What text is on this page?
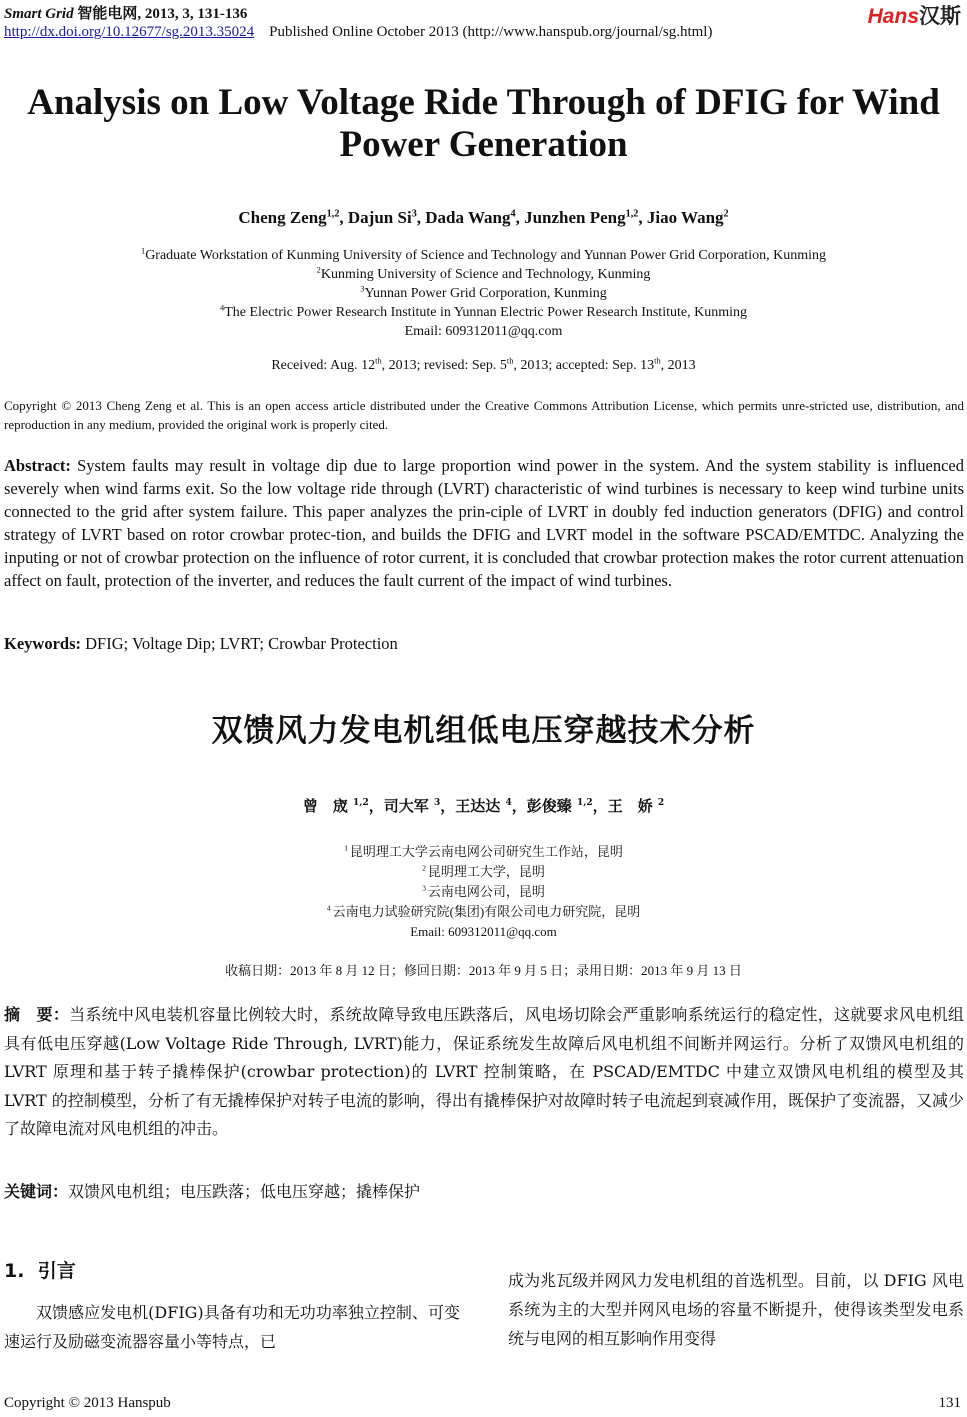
Smart Grid 智能电网, 2013, 3, 131-136
http://dx.doi.org/10.12677/sg.2013.35024 Published Online October 2013 (http://www.hanspub.org/journal/sg.html)
Hans汉斯
Analysis on Low Voltage Ride Through of DFIG for Wind Power Generation
Cheng Zeng$^{1,2}$, Dajun Si$^3$, Dada Wang$^4$, Junzhen Peng$^{1,2}$, Jiao Wang$^2$
$^1$Graduate Workstation of Kunming University of Science and Technology and Yunnan Power Grid Corporation, Kunming
$^2$Kunming University of Science and Technology, Kunming
$^3$Yunnan Power Grid Corporation, Kunming
$^4$The Electric Power Research Institute in Yunnan Electric Power Research Institute, Kunming
Email: 609312011@qq.com
Received: Aug. 12th, 2013; revised: Sep. 5th, 2013; accepted: Sep. 13th, 2013
Copyright © 2013 Cheng Zeng et al. This is an open access article distributed under the Creative Commons Attribution License, which permits unre-stricted use, distribution, and reproduction in any medium, provided the original work is properly cited.
Abstract: System faults may result in voltage dip due to large proportion wind power in the system. And the system stability is influenced severely when wind farms exit. So the low voltage ride through (LVRT) characteristic of wind turbines is necessary to keep wind turbine units connected to the grid after system failure. This paper analyzes the prin-ciple of LVRT in doubly fed induction generators (DFIG) and control strategy of LVRT based on rotor crowbar protec-tion, and builds the DFIG and LVRT model in the software PSCAD/EMTDC. Analyzing the inputing or not of crowbar protection on the influence of rotor current, it is concluded that crowbar protection makes the rotor current attenuation affect on fault, protection of the inverter, and reduces the fault current of the impact of wind turbines.
Keywords: DFIG; Voltage Dip; LVRT; Crowbar Protection
双馈风力发电机组低电压穿越技术分析
曾　宬 $^{1,2}$，司大军 $^3$，王达达 $^4$，彭俊臻 $^{1,2}$，王　娇 $^2$
$^1$ 昆明理工大学云南电网公司研究生工作站，昆明
$^2$ 昆明理工大学，昆明
$^3$ 云南电网公司，昆明
$^4$ 云南电力试验研究院(集团)有限公司电力研究院，昆明
Email: 609312011@qq.com
收稿日期：2013 年 8 月 12 日；修回日期：2013 年 9 月 5 日；录用日期：2013 年 9 月 13 日
摘　要：当系统中风电装机容量比例较大时，系统故障导致电压跌落后，风电场切除会严重影响系统运行的稳定性，这就要求风电机组具有低电压穿越(Low Voltage Ride Through, LVRT)能力，保证系统发生故障后风电机组不间断并网运行。分析了双馈风电机组的 LVRT 原理和基于转子撬棒保护(crowbar protection)的 LVRT 控制策略，在 PSCAD/EMTDC 中建立双馈风电机组的模型及其 LVRT 的控制模型，分析了有无撬棒保护对转子电流的影响，得出有撬棒保护对故障时转子电流起到衰减作用，既保护了变流器，又减少了故障电流对风电机组的冲击。
关键词：双馈风电机组；电压跌落；低电压穿越；撬棒保护
1. 引言
双馈感应发电机(DFIG)具备有功和无功功率独立控制、可变速运行及励磁变流器容量小等特点，已
成为兆瓦级并网风力发电机组的首选机型。目前，以 DFIG 风电系统为主的大型并网风电场的容量不断提升，使得该类型发电系统与电网的相互影响作用变得
Copyright © 2013 Hanspub	131
